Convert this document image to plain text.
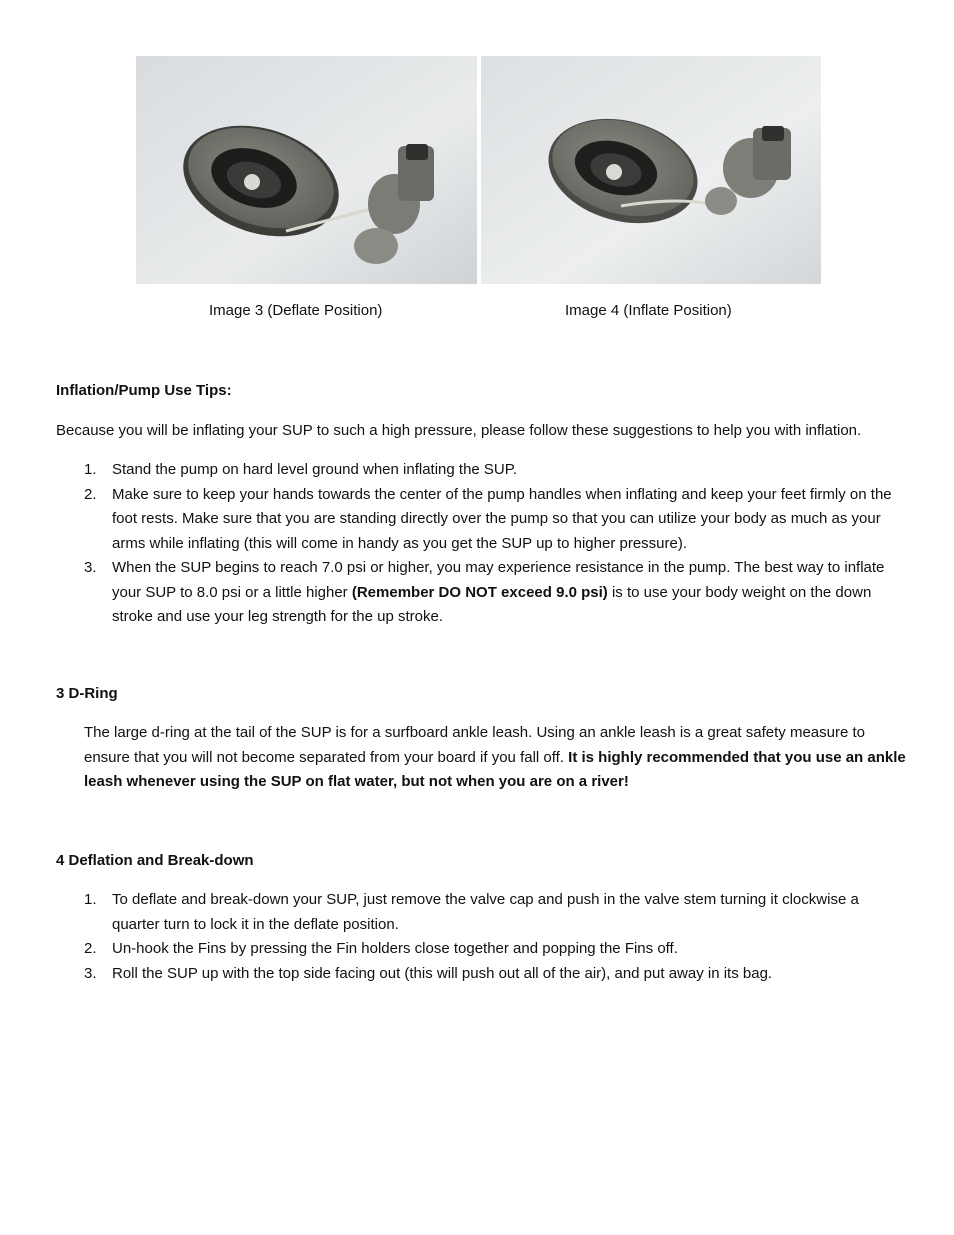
Image 3 (Deflate Position)	Image 4 (Inflate Position)
Inflation/Pump Use Tips:
Because you will be inflating your SUP to such a high pressure, please follow these suggestions to help you with inflation.
1. Stand the pump on hard level ground when inflating the SUP.
2. Make sure to keep your hands towards the center of the pump handles when inflating and keep your feet firmly on the foot rests. Make sure that you are standing directly over the pump so that you can utilize your body as much as your arms while inflating (this will come in handy as you get the SUP up to higher pressure).
3. When the SUP begins to reach 7.0 psi or higher, you may experience resistance in the pump. The best way to inflate your SUP to 8.0 psi or a little higher (Remember DO NOT exceed 9.0 psi) is to use your body weight on the down stroke and use your leg strength for the up stroke.
3 D-Ring
The large d-ring at the tail of the SUP is for a surfboard ankle leash. Using an ankle leash is a great safety measure to ensure that you will not become separated from your board if you fall off. It is highly recommended that you use an ankle leash whenever using the SUP on flat water, but not when you are on a river!
4 Deflation and Break-down
1. To deflate and break-down your SUP, just remove the valve cap and push in the valve stem turning it clockwise a quarter turn to lock it in the deflate position.
2. Un-hook the Fins by pressing the Fin holders close together and popping the Fins off.
3. Roll the SUP up with the top side facing out (this will push out all of the air), and put away in its bag.
